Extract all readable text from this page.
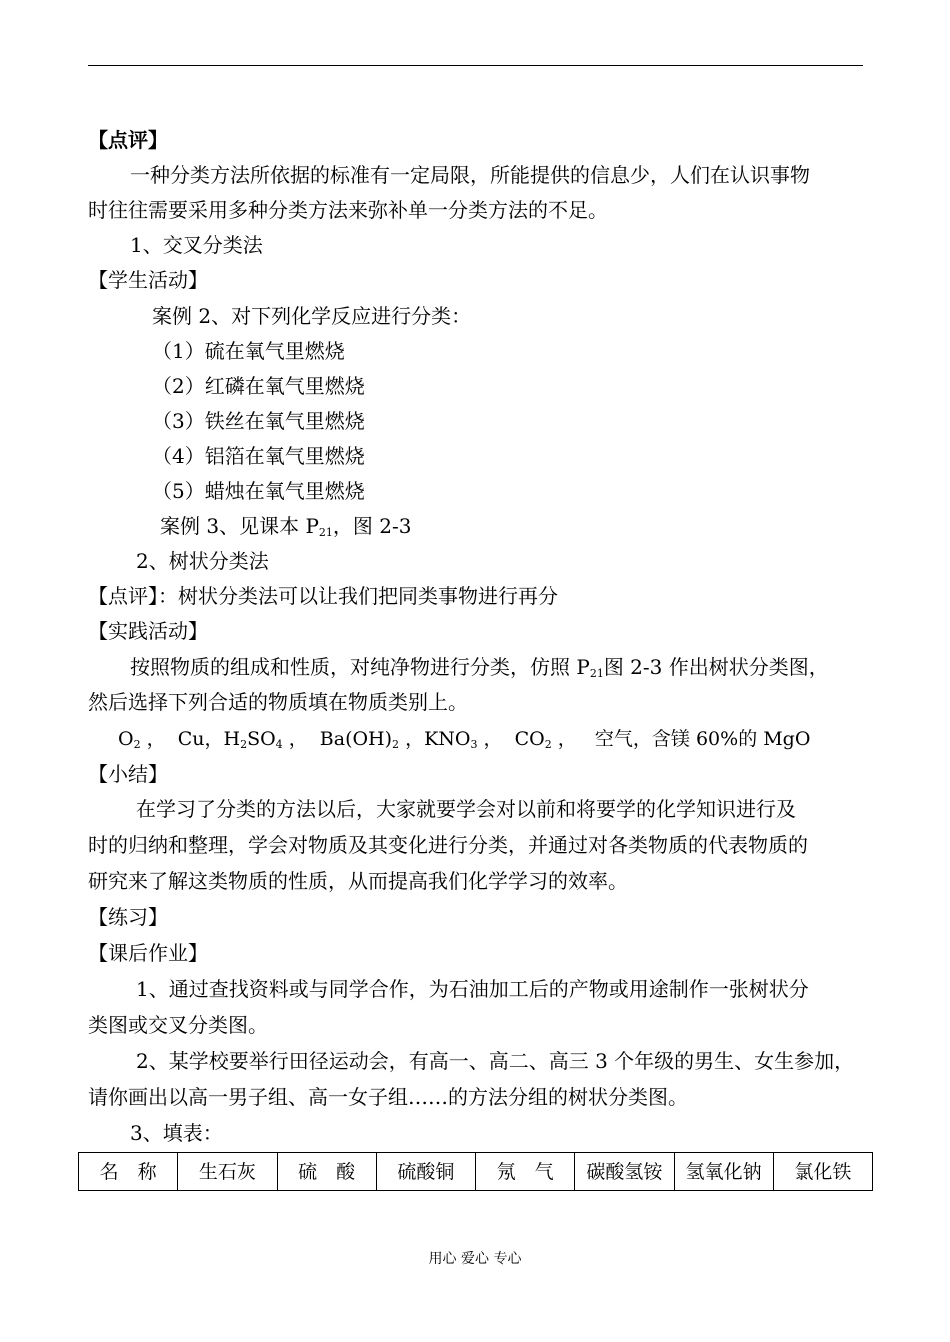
【点评】
一种分类方法所依据的标准有一定局限，所能提供的信息少，人们在认识事物
时往往需要采用多种分类方法来弥补单一分类方法的不足。
1、交叉分类法
【学生活动】
案例 2、对下列化学反应进行分类：
（1）硫在氧气里燃烧
（2）红磷在氧气里燃烧
（3）铁丝在氧气里燃烧
（4）铝箔在氧气里燃烧
（5）蜡烛在氧气里燃烧
案例 3、见课本 $P_{21}$，图 2-3
2、树状分类法
【点评】：树状分类法可以让我们把同类事物进行再分
【实践活动】
按照物质的组成和性质，对纯净物进行分类，仿照 $P_{21}$图 2-3 作出树状分类图，
然后选择下列合适的物质填在物质类别上。
$O_2$ ，  Cu，$H_2SO_4$ ，  $Ba(OH)_2$ ，$KNO_3$ ，  $CO_2$ ，   空气，含镁 60%的 MgO
【小结】
在学习了分类的方法以后，大家就要学会对以前和将要学的化学知识进行及
时的归纳和整理，学会对物质及其变化进行分类，并通过对各类物质的代表物质的
研究来了解这类物质的性质，从而提高我们化学学习的效率。
【练习】
【课后作业】
1、通过查找资料或与同学合作，为石油加工后的产物或用途制作一张树状分
类图或交叉分类图。
2、某学校要举行田径运动会，有高一、高二、高三 3 个年级的男生、女生参加，
请你画出以高一男子组、高一女子组……的方法分组的树状分类图。
3、填表：
名　称	生石灰	硫　酸	硫酸铜	氖　气	碳酸氢铵	氢氧化钠	氯化铁
用心 爱心 专心
